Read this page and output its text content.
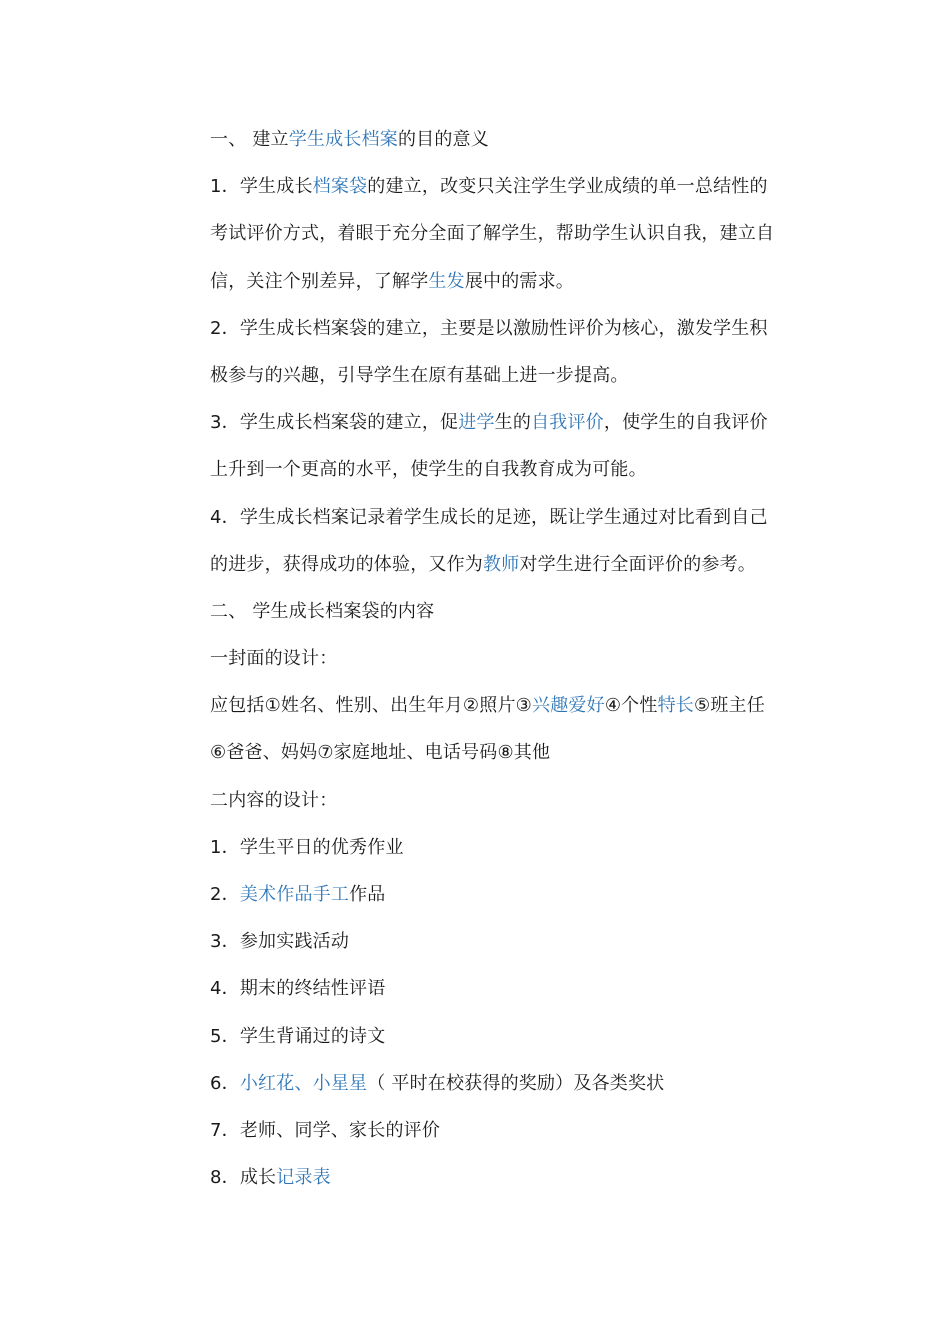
一、 建立学生成长档案的目的意义
1．学生成长档案袋的建立，改变只关注学生学业成绩的单一总结性的
考试评价方式，着眼于充分全面了解学生，帮助学生认识自我，建立自
信，关注个别差异，了解学生发展中的需求。
2．学生成长档案袋的建立，主要是以激励性评价为核心，激发学生积
极参与的兴趣，引导学生在原有基础上进一步提高。
3．学生成长档案袋的建立，促进学生的自我评价，使学生的自我评价
上升到一个更高的水平，使学生的自我教育成为可能。
4．学生成长档案记录着学生成长的足迹，既让学生通过对比看到自己
的进步，获得成功的体验，又作为教师对学生进行全面评价的参考。
二、 学生成长档案袋的内容
一封面的设计：
应包括①姓名、性别、出生年月②照片③兴趣爱好④个性特长⑤班主任
⑥爸爸、妈妈⑦家庭地址、电话号码⑧其他
二内容的设计：
1．学生平日的优秀作业
2．美术作品手工作品
3．参加实践活动
4．期末的终结性评语
5．学生背诵过的诗文
6．小红花、小星星（ 平时在校获得的奖励）及各类奖状
7．老师、同学、家长的评价
8．成长记录表
